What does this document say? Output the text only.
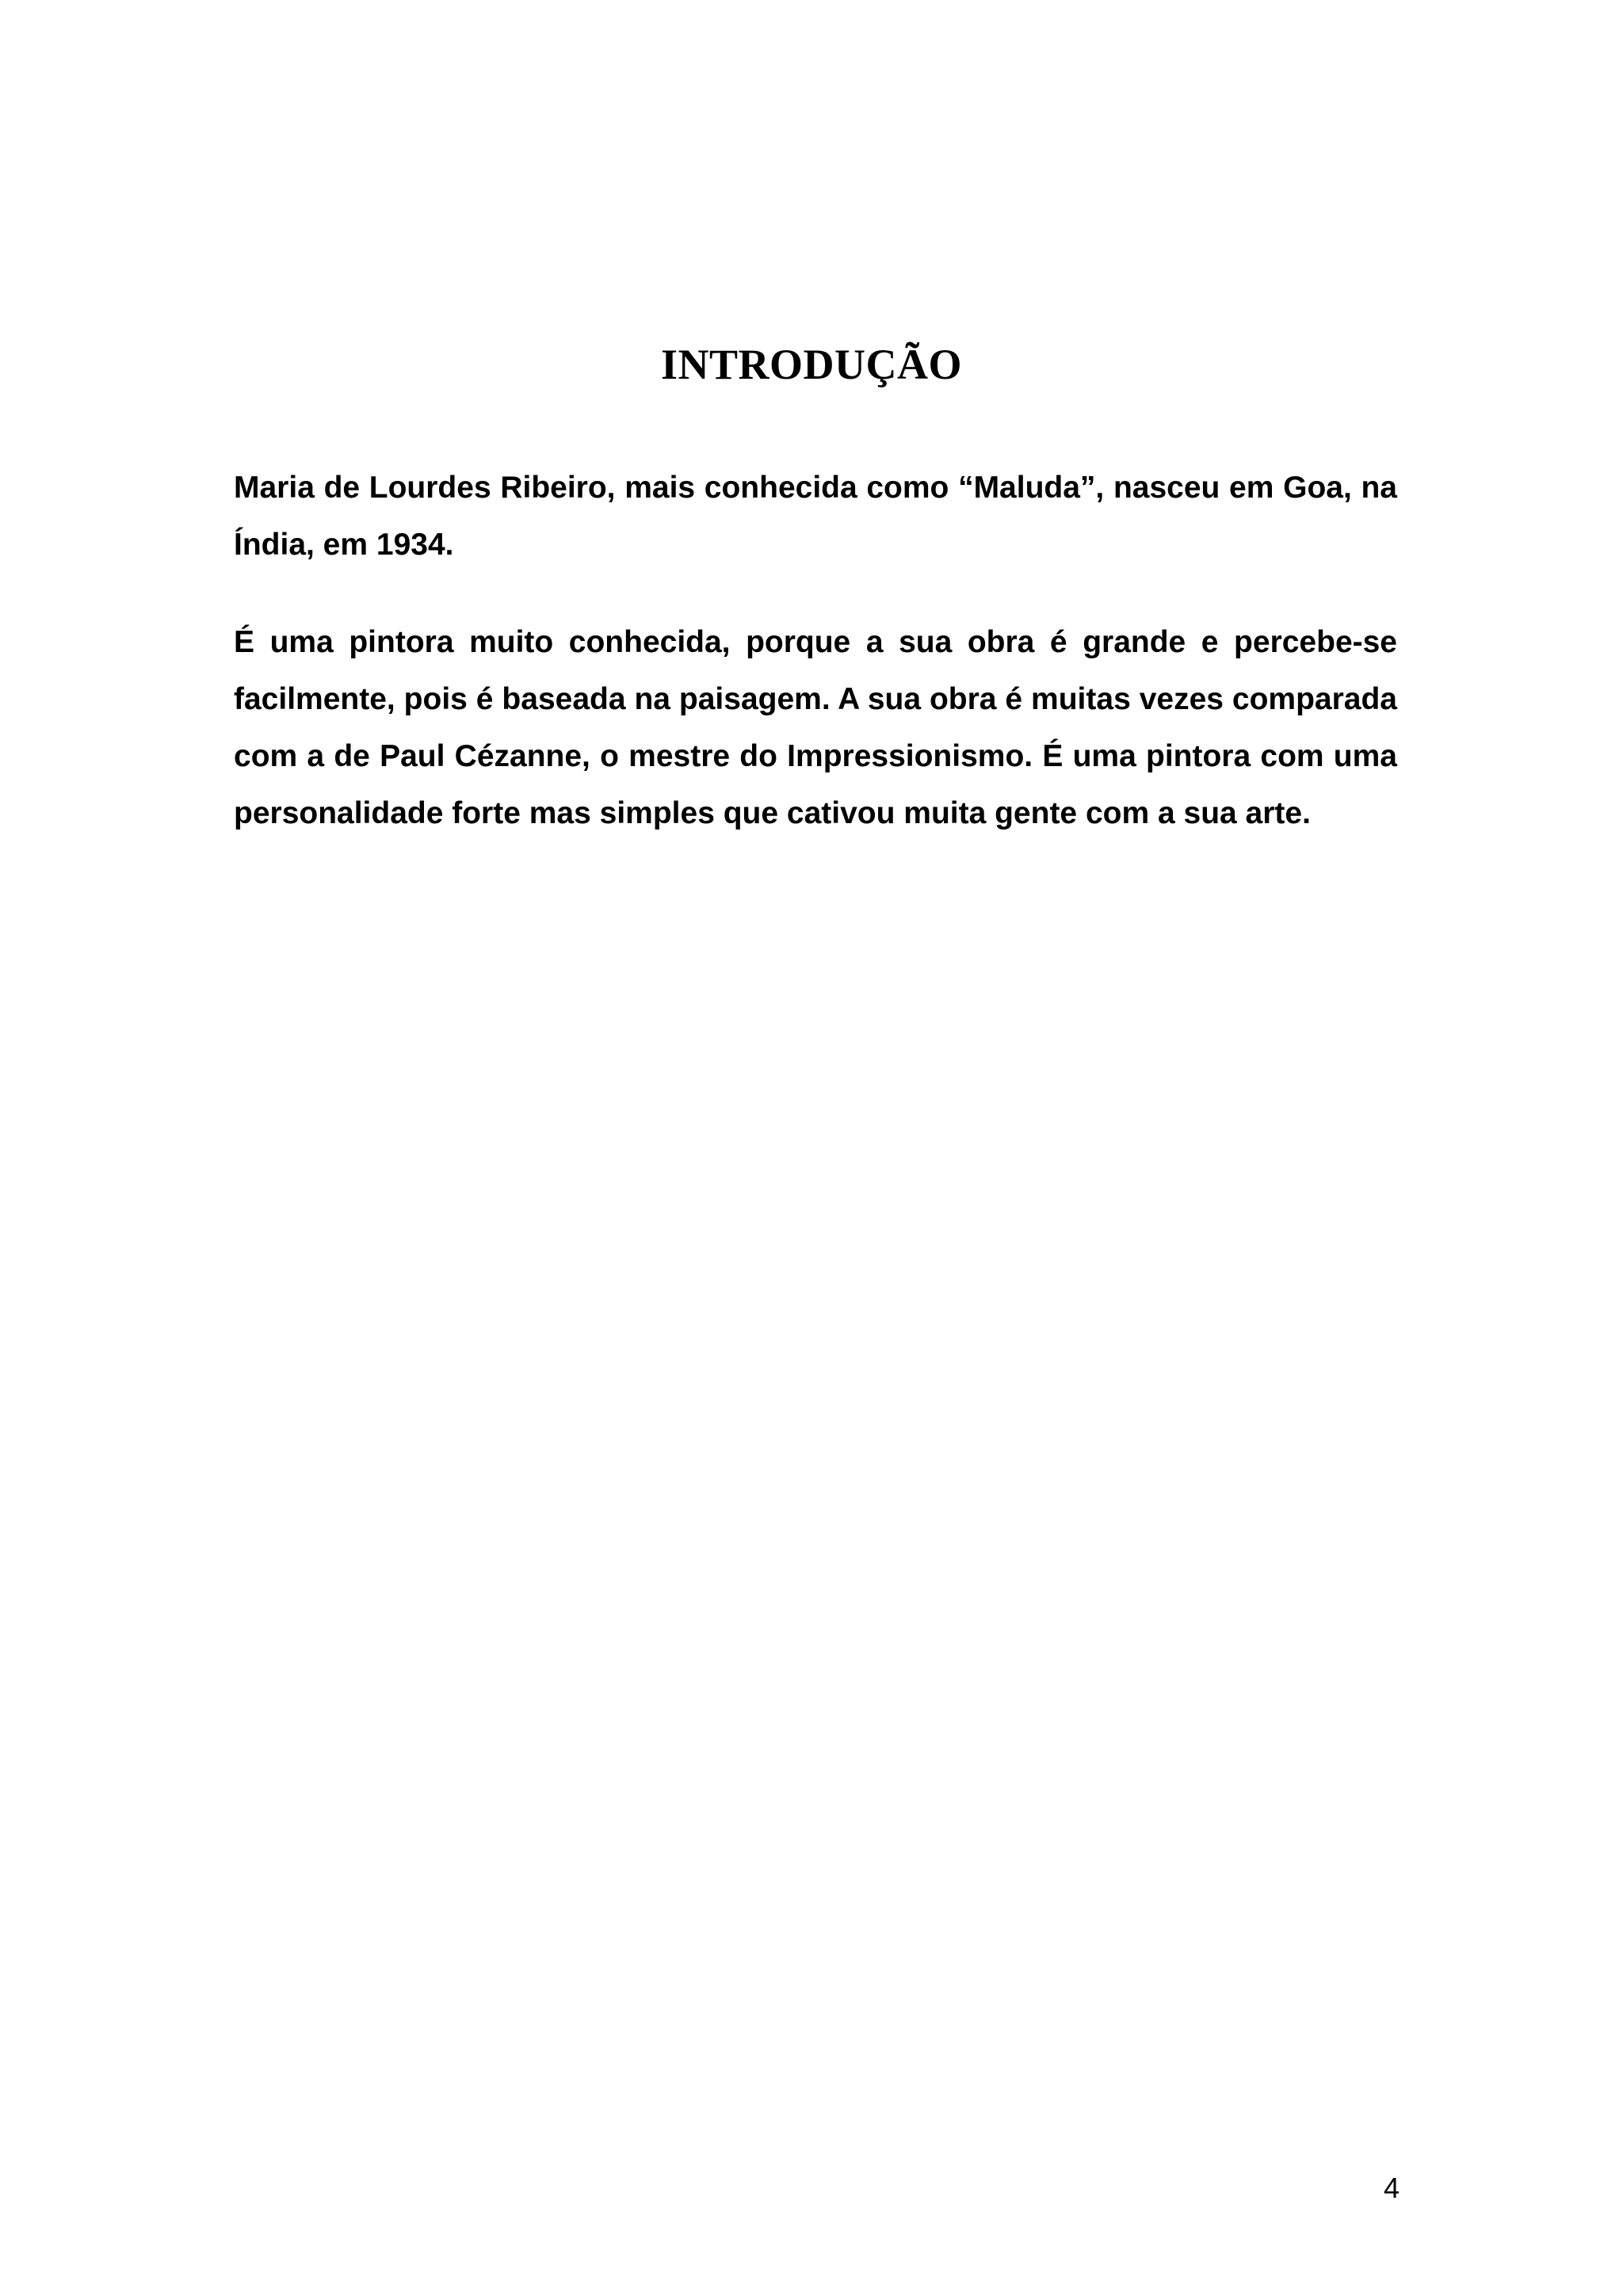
INTRODUÇÃO

Maria de Lourdes Ribeiro, mais conhecida como “Maluda”, nasceu em Goa, na Índia, em 1934.

É uma pintora muito conhecida, porque a sua obra é grande e percebe-se facilmente, pois é baseada na paisagem. A sua obra é muitas vezes comparada com a de Paul Cézanne, o mestre do Impressionismo. É uma pintora com uma personalidade forte mas simples que cativou muita gente com a sua arte.

4
